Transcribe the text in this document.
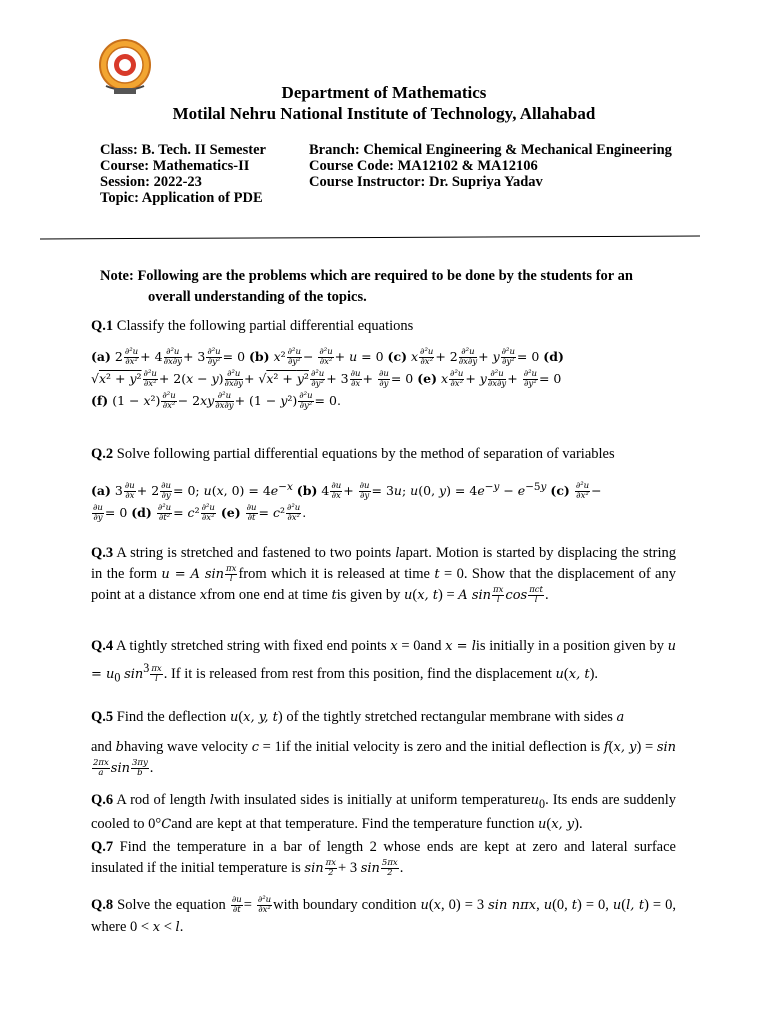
Department of Mathematics
Motilal Nehru National Institute of Technology, Allahabad
Class: B. Tech. II Semester
Course: Mathematics-II
Session: 2022-23
Topic: Application of PDE
Branch: Chemical Engineering & Mechanical Engineering
Course Code: MA12102 & MA12106
Course Instructor: Dr. Supriya Yadav
Note: Following are the problems which are required to be done by the students for an
overall understanding of the topics.
Q.1 Classify the following partial differential equations
(a) $2 \frac{\text{∂²u}}{\text{∂x²}} + 4 \frac{\text{∂²u}}{\partial x\partial y} + 3 \frac{\text{∂²u}}{\text{∂y²}} = 0$ (b) $x^2 \frac{\text{∂²u}}{\text{∂y²}} - \frac{\text{∂²u}}{\text{∂x²}} + u = 0$ (c) x $\frac{\text{∂²u}}{\text{∂x²}} + 2 \frac{\text{∂²u}}{\partial x\partial y} + y \frac{\text{∂²u}}{\text{∂y²}} = 0$ (d)
$√x^2 + y^2 \frac{\text{∂²u}}{\text{∂x²}} + 2(x - y) \frac{\text{∂²u}}{\partial x\partial y} + √x^2 + y^2 \frac{\text{∂²u}}{\text{∂y²}} + 3 \frac{\partial u}{\partial x} + \frac{\partial u}{\partial y} = 0$ (e) x $\frac{\text{∂²u}}{\text{∂x²}} + y \frac{\text{∂²u}}{\partial x\partial y} + \frac{\text{∂²u}}{\text{∂y²}} = 0$
(f) $(1 - x^2) \frac{\text{∂²u}}{\text{∂x²}} - 2xy \frac{\text{∂²u}}{\partial x\partial y} + (1 - y^2) \frac{\text{∂²u}}{\text{∂y²}} = 0$.
Q.2 Solve following partial differential equations by the method of separation of variables
(a) $3 \frac{\partial u}{\partial x} + 2 \frac{\partial u}{\partial y} = 0$; u(x, $0) = 4e^{-x}$ (b) $4 \frac{\partial u}{\partial x} + \frac{\partial u}{\partial y} = 3u$; u(0, $y) = 4e^{-y} - e^{-5y}$ $(c) \frac{\text{∂²u}}{\text{∂x²}}$ −

$\frac{\partial u}{\partial y} = 0$ $(d) \frac{\text{∂²u}}{\text{∂t²}} = c^2 \frac{\text{∂²u}}{\text{∂x²}} (e) \frac{\partial u}{\partial t} = c^2 \frac{\text{∂²u}}{\text{∂x²}}$ .
Q.3 A string is stretched and fastened to two points lapart. Motion is started by displacing the string in the form u = A $\sin \frac{\pi x}{l}$ from which it is released at time t = 0. Show that the displacement of any point at a distance xfrom one end at time tis given by u(x, t) = A $\sin \frac{\pi x}{l}$ cos πct
l .
Q.4 A tightly stretched string with fixed end points x = 0and x = lis initially in a position given by $u = u_0$ $\sin^3 \frac{\pi x}{l}$ . If it is released from rest from this position, find the displacement u(x, t).
Q.5 Find the deflection u(x, y, t) of the tightly stretched rectangular membrane with sides a

and bhaving wave velocity c = 1if the initial velocity is zero and the initial deflection is f(x, y) = sin
$\frac{2\pi x}{a}$ $\sin \frac{3\pi y}{b}$ .
Q.6 A rod of length lwith insulated sides is initially at uniform temperatureu$_0$. Its ends are suddenly cooled to 0°Cand are kept at that temperature. Find the temperature function u(x, y).
Q.7 Find the temperature in a bar of length 2 whose ends are kept at zero and lateral surface insulated if the initial temperature is $\sin \frac{\pi x}{2} + 3$ $\sin \frac{5\pi x}{2}$ .
Q.8 Solve the equation $\frac{\partial u}{\partial t} = \frac{\text{∂²u}}{\text{∂x²}}$ with boundary condition u(x, 0) = 3 sin nπx, u(0, t) = 0, u(l, t) = 0, where 0 < x < l.
